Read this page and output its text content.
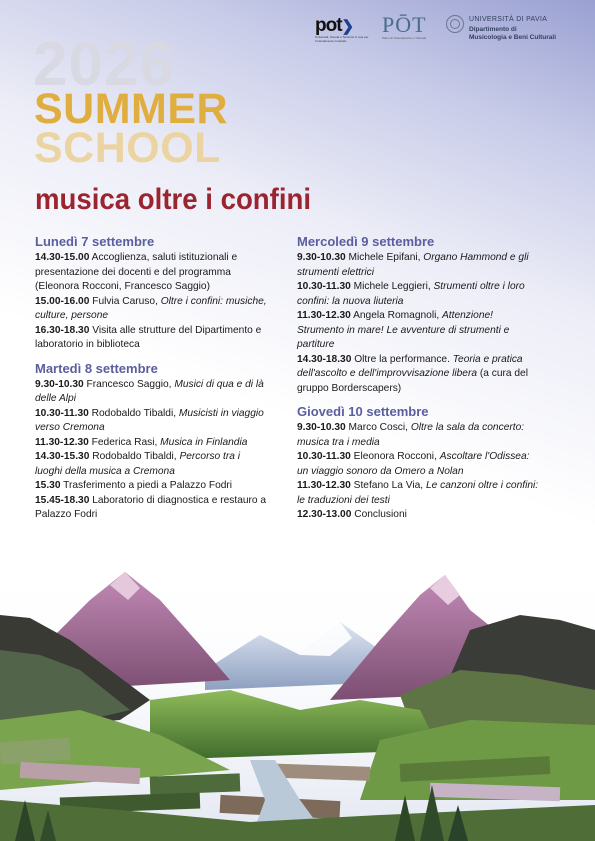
pot❯
Università, Scuola e Territorio in rete per l'orientamento musicale
PŌT
Piano di Orientamento e Tutorato
UNIVERSITÀ DI PAVIA
Dipartimento di
Musicologia e Beni Culturali
2026
SUMMER
SCHOOL
musica oltre i confini
Lunedì 7 settembre

14.30-15.00 Accoglienza, saluti istituzionali e presentazione dei docenti e del programma (Eleonora Rocconi, Francesco Saggio)

15.00-16.00 Fulvia Caruso, Oltre i confini: musiche, culture, persone

16.30-18.30 Visita alle strutture del Dipartimento e laboratorio in biblioteca

Martedì 8 settembre

9.30-10.30 Francesco Saggio, Musici di qua e di là delle Alpi

10.30-11.30 Rodobaldo Tibaldi, Musicisti in viaggio verso Cremona

11.30-12.30 Federica Rasi, Musica in Finlandia

14.30-15.30 Rodobaldo Tibaldi, Percorso tra i luoghi della musica a Cremona

15.30 Trasferimento a piedi a Palazzo Fodri

15.45-18.30 Laboratorio di diagnostica e restauro a Palazzo Fodri

Mercoledì 9 settembre

9.30-10.30 Michele Epifani, Organo Hammond e gli strumenti elettrici

10.30-11.30 Michele Leggieri, Strumenti oltre i loro confini: la nuova liuteria

11.30-12.30 Angela Romagnoli, Attenzione! Strumento in mare! Le avventure di strumenti e partiture

14.30-18.30 Oltre la performance. Teoria e pratica dell'ascolto e dell'improvvisazione libera (a cura del gruppo Borderscapers)

Giovedì 10 settembre

9.30-10.30 Marco Cosci, Oltre la sala da concerto: musica tra i media

10.30-11.30 Eleonora Rocconi, Ascoltare l'Odissea: un viaggio sonoro da Omero a Nolan

11.30-12.30 Stefano La Via, Le canzoni oltre i confini: le traduzioni dei testi

12.30-13.00 Conclusioni
